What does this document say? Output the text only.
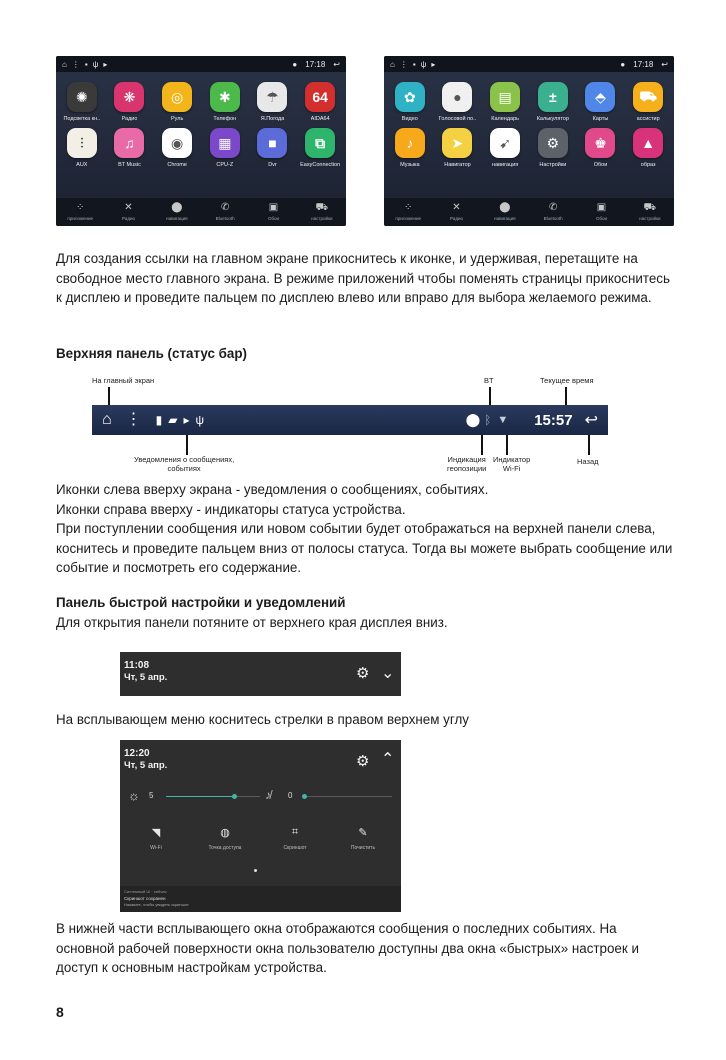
⌂ ⋮ ▪ ψ ▸	● 17:18 ↩
✺
Подсветка кн..
❋
Радио
◎
Руль
✱
Телефон
☂
Я.Погода
64
AIDA64
⫶
AUX
♫
BT Music
◉
Chrome
▦
CPU-Z
■
Dvr
⧉
EasyConnection
⁘
приложение
✕
Радио
⬤
навигация
✆
Bluetooth
▣
Обои
⛟
настройки
⌂ ⋮ ▪ ψ ▸	● 17:18 ↩
✿
Видео
●
Голосовой по..
▤
Календарь
±
Калькулятор
⬘
Карты
⛟
ассистир
♪
Музыка
➤
Навигатор
➹
навигация
⚙
Настройки
♚
Обои
▲
образ
⁘
приложение
✕
Радио
⬤
навигация
✆
Bluetooth
▣
Обои
⛟
настройки

Для создания ссылки на главном экране прикоснитесь к иконке, и удерживая, перетащите на свободное место главного экрана. В режиме приложений чтобы поменять страницы прикоснитесь к дисплею и проведите пальцем по дисплею влево или вправо для выбора желаемого режима.

Верхняя панель (статус бар)
На главный экран	BT	Текущее время
⌂ ⋮ ▮ ▰ ▸ ψ	⬤ ᛒ ▼ 15:57 ↩
Уведомления о сообщениях,
событиях
Индикация
геопозиции
Индикатор
Wi-Fi
Назад
Иконки слева вверху экрана - уведомления о сообщениях, событиях.
Иконки справа вверху - индикаторы статуса устройства.
При поступлении сообщения или новом событии будет отображаться на верхней панели слева, коснитесь и проведите пальцем вниз от полосы статуса. Тогда вы можете выбрать сообщение или событие и посмотреть его содержание.
Панель быстрой настройки и уведомлений

Для открытия панели потяните от верхнего края дисплея вниз.

11:08
Чт, 5 апр.	⚙ ⌄

На всплывающем меню коснитесь стрелки в правом верхнем углу

12:20
Чт, 5 апр.	⚙ ⌃
☼ 5	♪̸ 0
◥
Wi-Fi
◍
Точка доступа
⌗
Скриншот
✎
Почистить
Системный UI · сейчас
Скриншот сохранен
Нажмите, чтобы увидеть скриншот

В нижней части всплывающего окна отображаются сообщения о последних событиях. На основной рабочей поверхности окна пользователю доступны два окна «быстрых» настроек и доступ к основным настройкам устройства.

8
